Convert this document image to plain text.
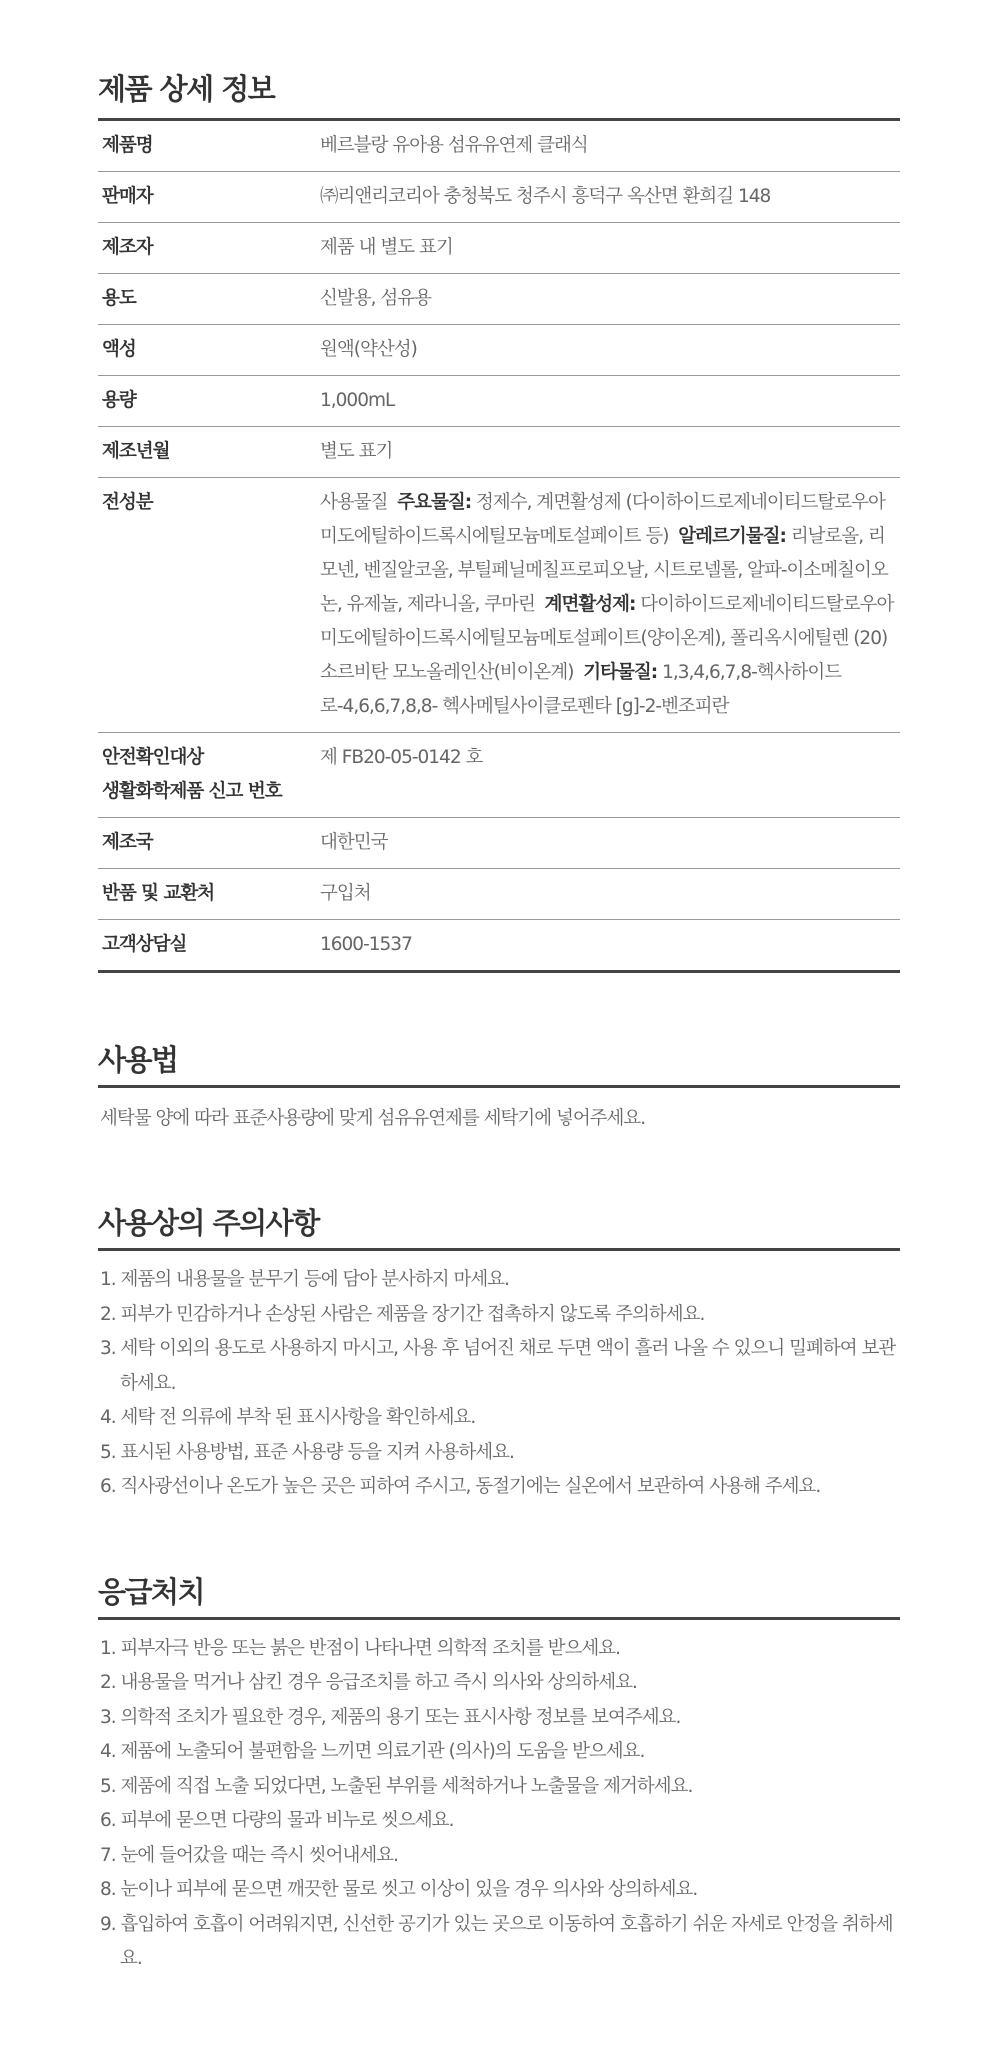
제품 상세 정보
제품명	베르블랑 유아용 섬유유연제 클래식
판매자	㈜리앤리코리아 충청북도 청주시 흥덕구 옥산면 환희길 148
제조자	제품 내 별도 표기
용도	신발용, 섬유용
액성	원액(약산성)
용량	1,000mL
제조년월	별도 표기
전성분	사용물질 주요물질: 정제수, 계면활성제 (다이하이드로제네이티드탈로우아미도에틸하이드록시에틸모늄메토설페이트 등) 알레르기물질: 리날로올, 리모넨, 벤질알코올, 부틸페닐메칠프로피오날, 시트로넬롤, 알파-이소메칠이오논, 유제놀, 제라니올, 쿠마린 계면활성제: 다이하이드로제네이티드탈로우아미도에틸하이드록시에틸모늄메토설페이트(양이온계), 폴리옥시에틸렌 (20) 소르비탄 모노올레인산(비이온계) 기타물질: 1,3,4,6,7,8-헥사하이드로-4,6,6,7,8,8- 헥사메틸사이클로펜타 [g]-2-벤조피란
안전확인대상
생활화학제품 신고 번호	제 FB20-05-0142 호
제조국	대한민국
반품 및 교환처	구입처
고객상담실	1600-1537
사용법
세탁물 양에 따라 표준사용량에 맞게 섬유유연제를 세탁기에 넣어주세요.
사용상의 주의사항
1. 제품의 내용물을 분무기 등에 담아 분사하지 마세요.
2. 피부가 민감하거나 손상된 사람은 제품을 장기간 접촉하지 않도록 주의하세요.
3. 세탁 이외의 용도로 사용하지 마시고, 사용 후 넘어진 채로 두면 액이 흘러 나올 수 있으니 밀폐하여 보관하세요.
4. 세탁 전 의류에 부착 된 표시사항을 확인하세요.
5. 표시된 사용방법, 표준 사용량 등을 지켜 사용하세요.
6. 직사광선이나 온도가 높은 곳은 피하여 주시고, 동절기에는 실온에서 보관하여 사용해 주세요.
응급처치
1. 피부자극 반응 또는 붉은 반점이 나타나면 의학적 조치를 받으세요.
2. 내용물을 먹거나 삼킨 경우 응급조치를 하고 즉시 의사와 상의하세요.
3. 의학적 조치가 필요한 경우, 제품의 용기 또는 표시사항 정보를 보여주세요.
4. 제품에 노출되어 불편함을 느끼면 의료기관 (의사)의 도움을 받으세요.
5. 제품에 직접 노출 되었다면, 노출된 부위를 세척하거나 노출물을 제거하세요.
6. 피부에 묻으면 다량의 물과 비누로 씻으세요.
7. 눈에 들어갔을 때는 즉시 씻어내세요.
8. 눈이나 피부에 묻으면 깨끗한 물로 씻고 이상이 있을 경우 의사와 상의하세요.
9. 흡입하여 호흡이 어려워지면, 신선한 공기가 있는 곳으로 이동하여 호흡하기 쉬운 자세로 안정을 취하세요.
